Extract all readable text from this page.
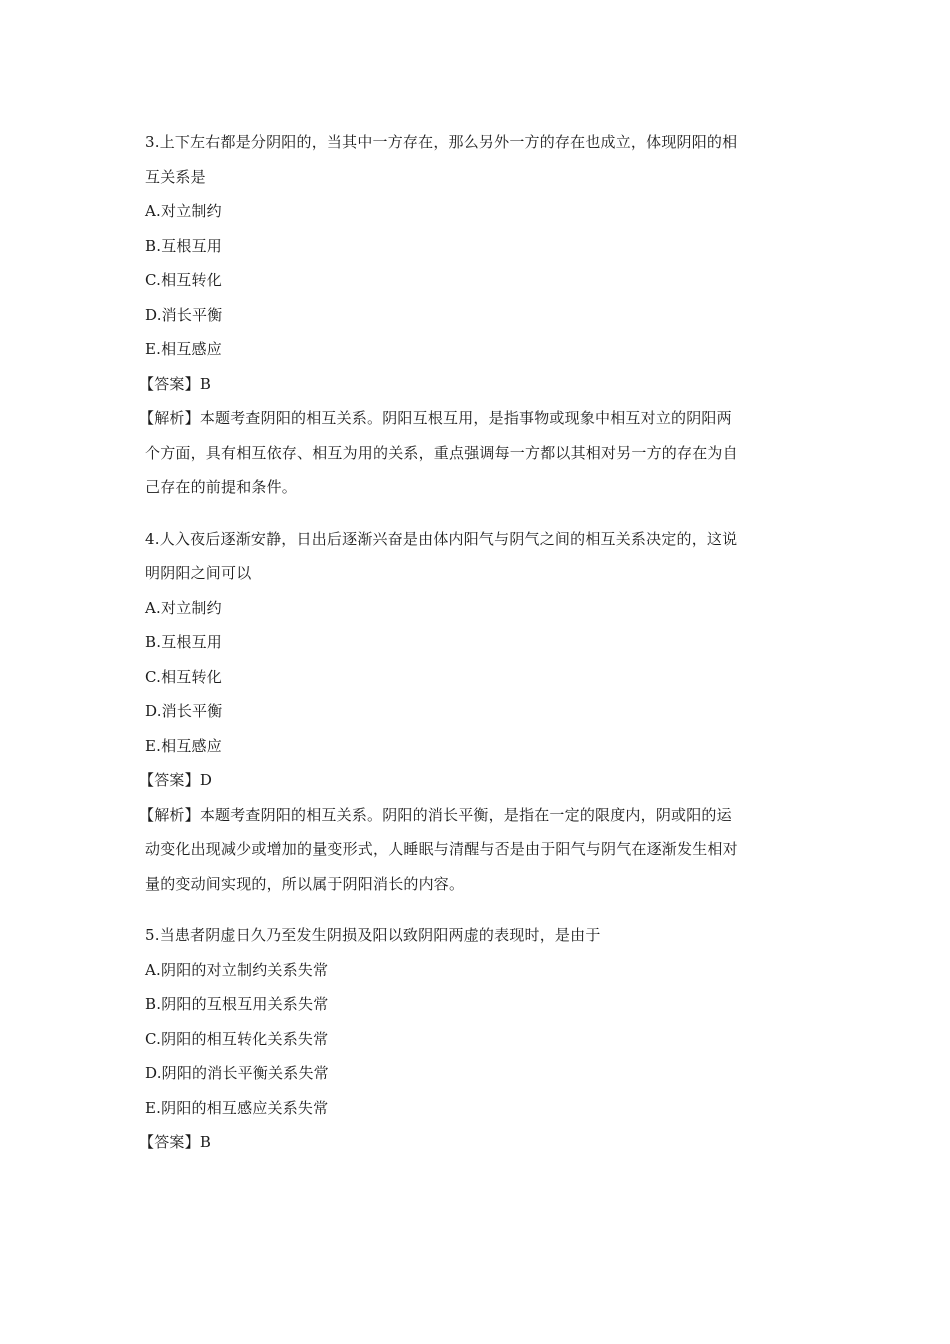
3.上下左右都是分阴阳的，当其中一方存在，那么另外一方的存在也成立，体现阴阳的相
互关系是
A.对立制约
B.互根互用
C.相互转化
D.消长平衡
E.相互感应
【答案】B
【解析】本题考查阴阳的相互关系。阴阳互根互用，是指事物或现象中相互对立的阴阳两
个方面，具有相互依存、相互为用的关系，重点强调每一方都以其相对另一方的存在为自
己存在的前提和条件。
4.人入夜后逐渐安静，日出后逐渐兴奋是由体内阳气与阴气之间的相互关系决定的，这说
明阴阳之间可以
A.对立制约
B.互根互用
C.相互转化
D.消长平衡
E.相互感应
【答案】D
【解析】本题考查阴阳的相互关系。阴阳的消长平衡，是指在一定的限度内，阴或阳的运
动变化出现减少或增加的量变形式，人睡眠与清醒与否是由于阳气与阴气在逐渐发生相对
量的变动间实现的，所以属于阴阳消长的内容。
5.当患者阴虚日久乃至发生阴损及阳以致阴阳两虚的表现时，是由于
A.阴阳的对立制约关系失常
B.阴阳的互根互用关系失常
C.阴阳的相互转化关系失常
D.阴阳的消长平衡关系失常
E.阴阳的相互感应关系失常
【答案】B
